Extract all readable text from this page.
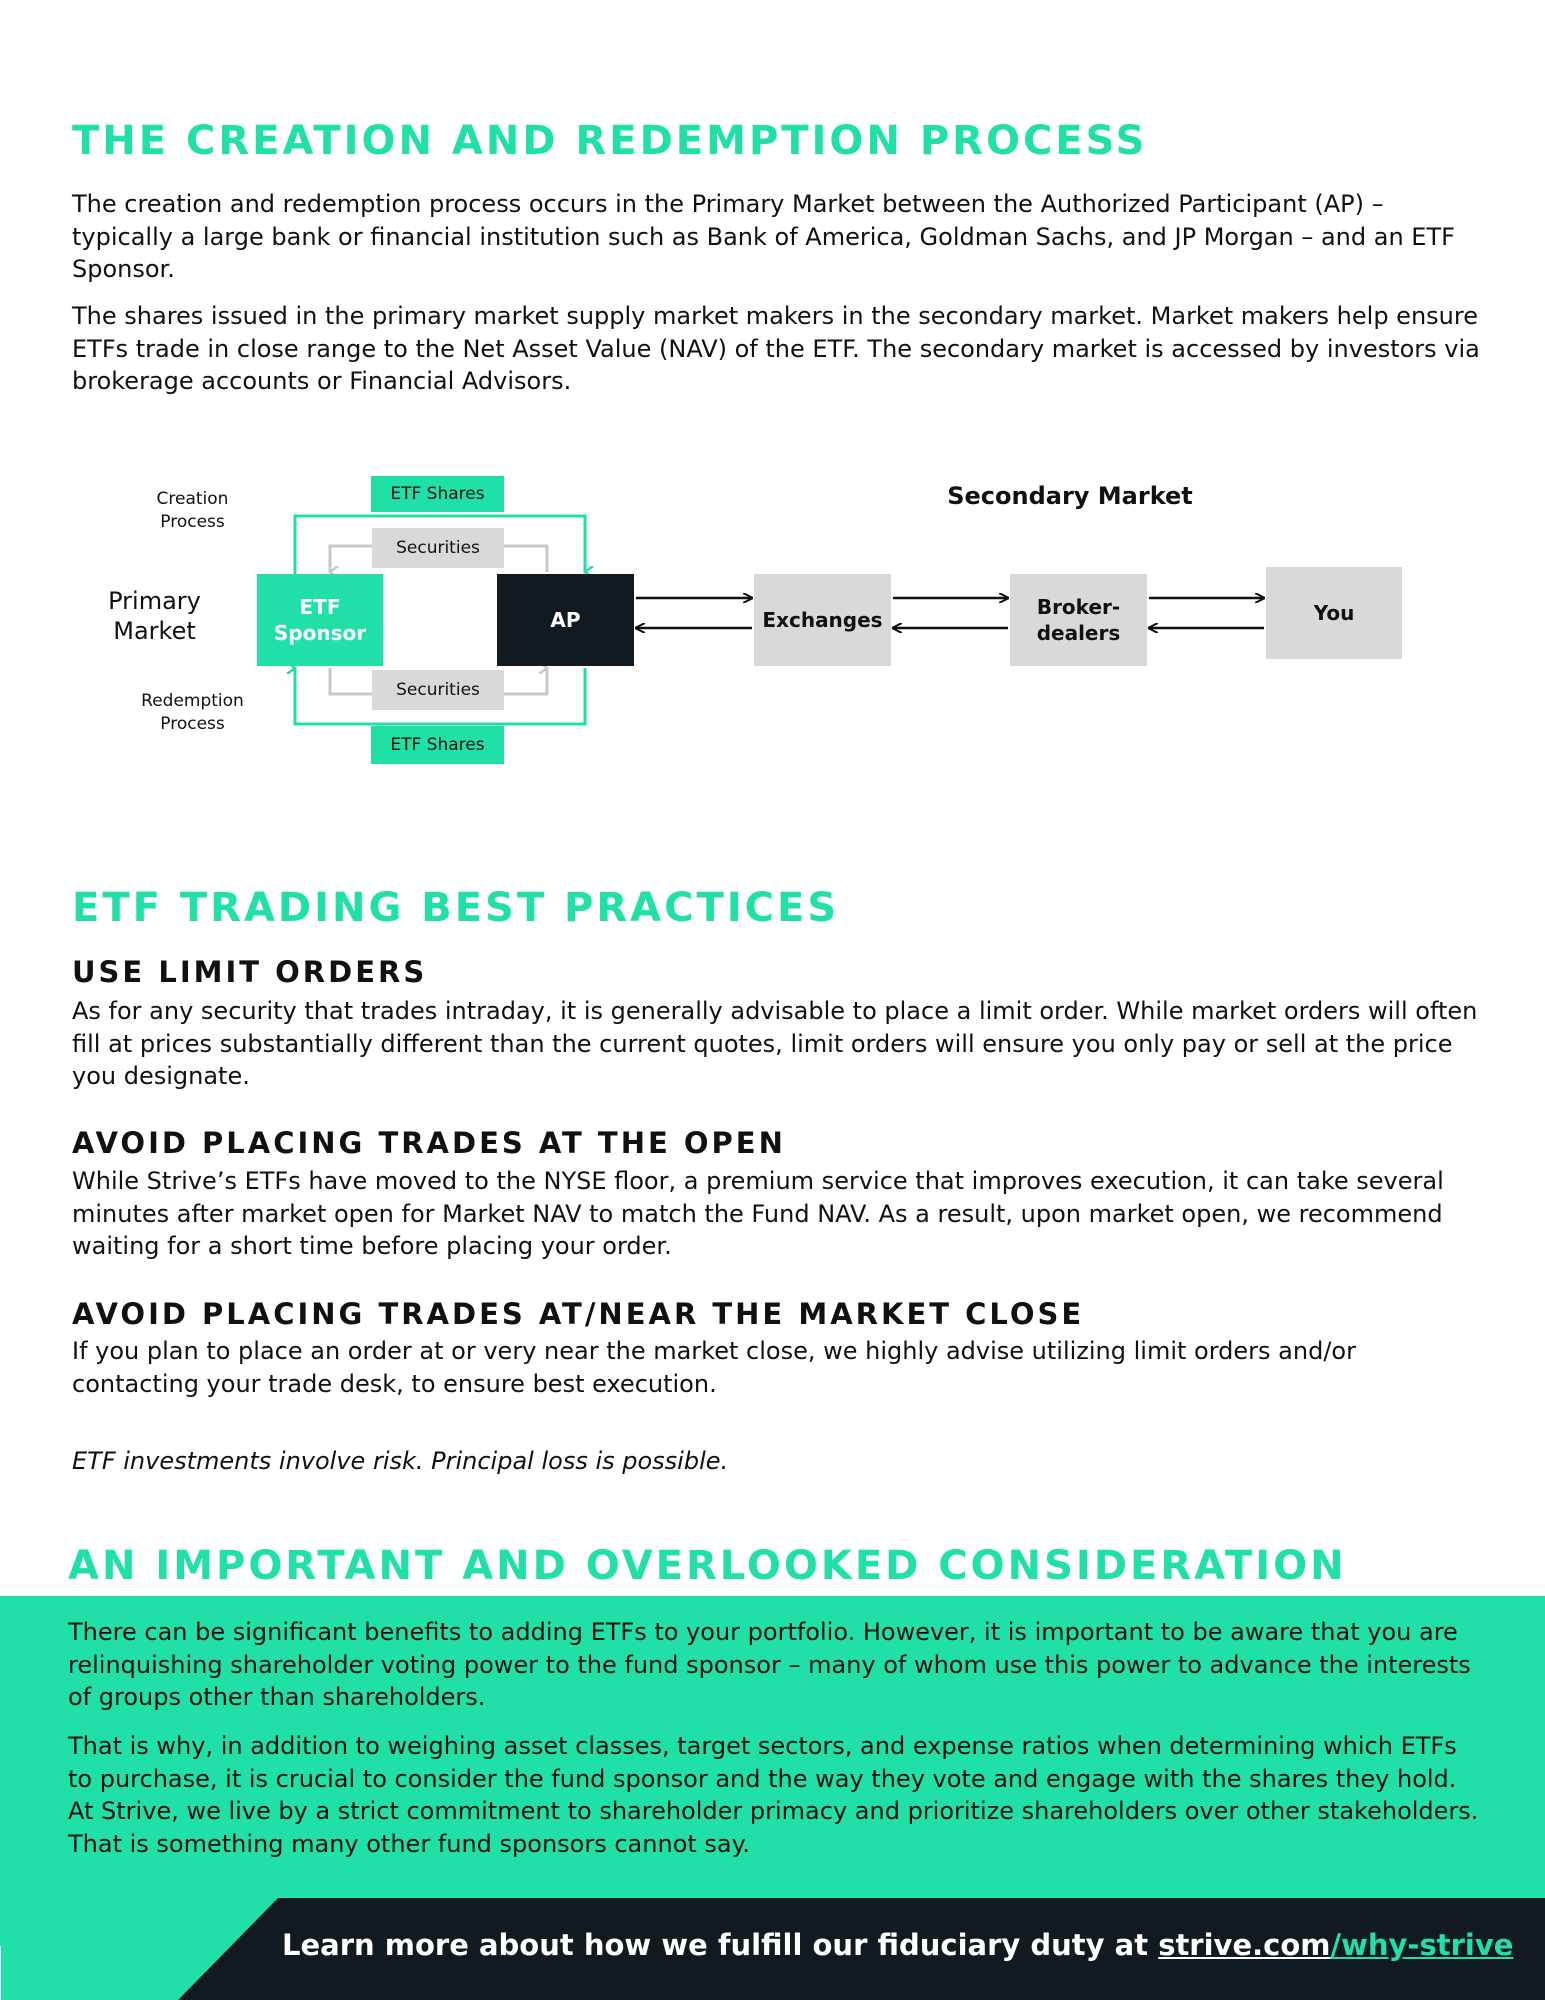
THE CREATION AND REDEMPTION PROCESS

The creation and redemption process occurs in the Primary Market between the Authorized Participant (AP) – typically a large bank or financial institution such as Bank of America, Goldman Sachs, and JP Morgan – and an ETF Sponsor.

The shares issued in the primary market supply market makers in the secondary market. Market makers help ensure ETFs trade in close range to the Net Asset Value (NAV) of the ETF. The secondary market is accessed by investors via brokerage accounts or Financial Advisors.

Creation Process
Redemption Process
Primary Market
Secondary Market
ETF Shares
Securities
Securities
ETF Shares
ETF Sponsor
AP	Exchanges
Broker-dealers
You
ETF TRADING BEST PRACTICES
USE LIMIT ORDERS

As for any security that trades intraday, it is generally advisable to place a limit order. While market orders will often fill at prices substantially different than the current quotes, limit orders will ensure you only pay or sell at the price you designate.

AVOID PLACING TRADES AT THE OPEN

While Strive’s ETFs have moved to the NYSE floor, a premium service that improves execution, it can take several minutes after market open for Market NAV to match the Fund NAV. As a result, upon market open, we recommend waiting for a short time before placing your order.

AVOID PLACING TRADES AT/NEAR THE MARKET CLOSE

If you plan to place an order at or very near the market close, we highly advise utilizing limit orders and/or contacting your trade desk, to ensure best execution.

ETF investments involve risk. Principal loss is possible.

AN IMPORTANT AND OVERLOOKED CONSIDERATION

There can be significant benefits to adding ETFs to your portfolio. However, it is important to be aware that you are relinquishing shareholder voting power to the fund sponsor – many of whom use this power to advance the interests of groups other than shareholders.

That is why, in addition to weighing asset classes, target sectors, and expense ratios when determining which ETFs to purchase, it is crucial to consider the fund sponsor and the way they vote and engage with the shares they hold. At Strive, we live by a strict commitment to shareholder primacy and prioritize shareholders over other stakeholders. That is something many other fund sponsors cannot say.

Learn more about how we fulfill our fiduciary duty at strive.com/why-strive
